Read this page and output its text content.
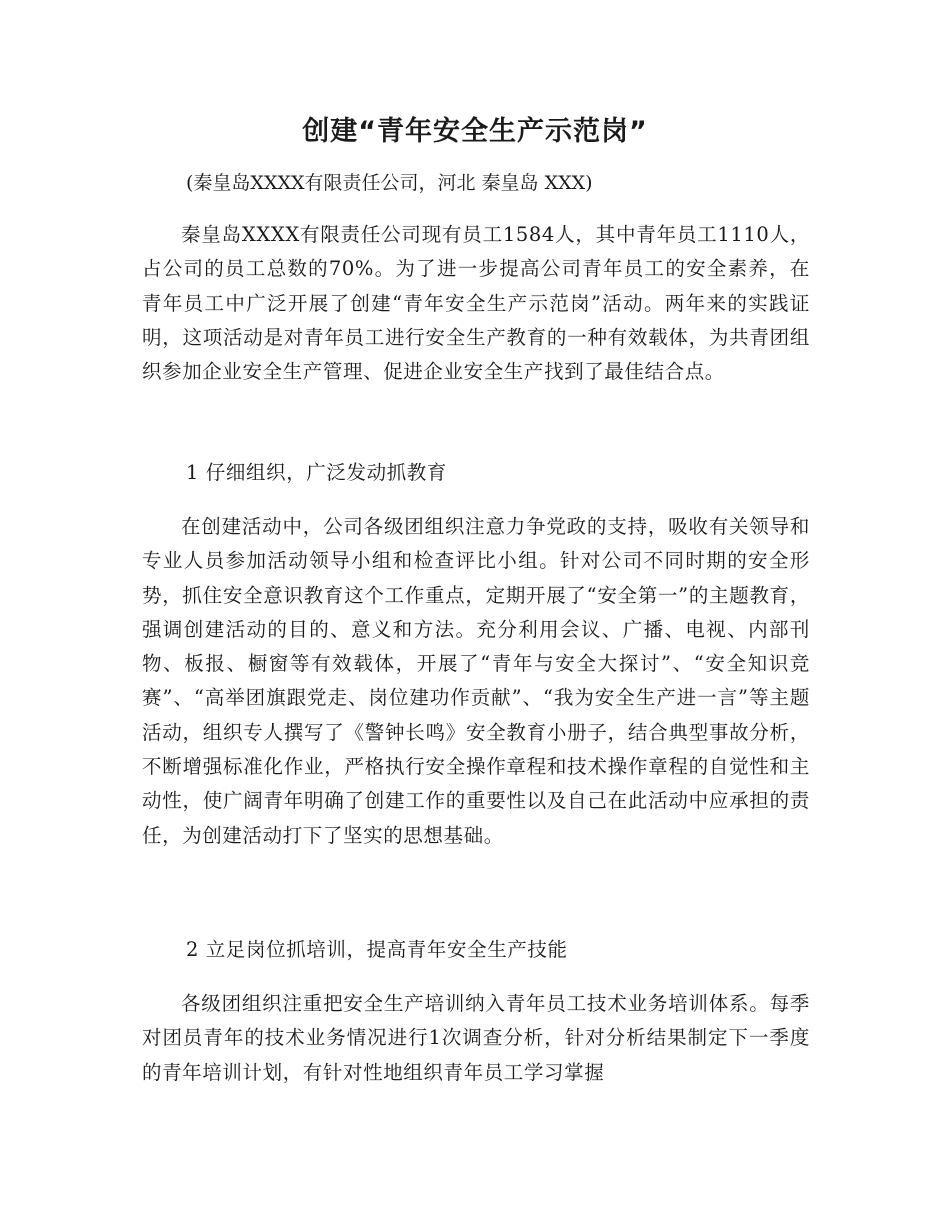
创建“青年安全生产示范岗”
(秦皇岛XXXX有限责任公司，河北 秦皇岛 XXX)

秦皇岛XXXX有限责任公司现有员工1584人，其中青年员工1110人，占公司的员工总数的70%。为了进一步提高公司青年员工的安全素养，在青年员工中广泛开展了创建“青年安全生产示范岗”活动。两年来的实践证明，这项活动是对青年员工进行安全生产教育的一种有效载体，为共青团组织参加企业安全生产管理、促进企业安全生产找到了最佳结合点。

1 仔细组织，广泛发动抓教育

在创建活动中，公司各级团组织注意力争党政的支持，吸收有关领导和专业人员参加活动领导小组和检查评比小组。针对公司不同时期的安全形势，抓住安全意识教育这个工作重点，定期开展了“安全第一”的主题教育，强调创建活动的目的、意义和方法。充分利用会议、广播、电视、内部刊物、板报、橱窗等有效载体，开展了“青年与安全大探讨”、“安全知识竞赛”、“高举团旗跟党走、岗位建功作贡献”、“我为安全生产进一言”等主题活动，组织专人撰写了《警钟长鸣》安全教育小册子，结合典型事故分析，不断增强标准化作业，严格执行安全操作章程和技术操作章程的自觉性和主动性，使广阔青年明确了创建工作的重要性以及自己在此活动中应承担的责任，为创建活动打下了坚实的思想基础。

2 立足岗位抓培训，提高青年安全生产技能

各级团组织注重把安全生产培训纳入青年员工技术业务培训体系。每季对团员青年的技术业务情况进行1次调查分析，针对分析结果制定下一季度的青年培训计划，有针对性地组织青年员工学习掌握
